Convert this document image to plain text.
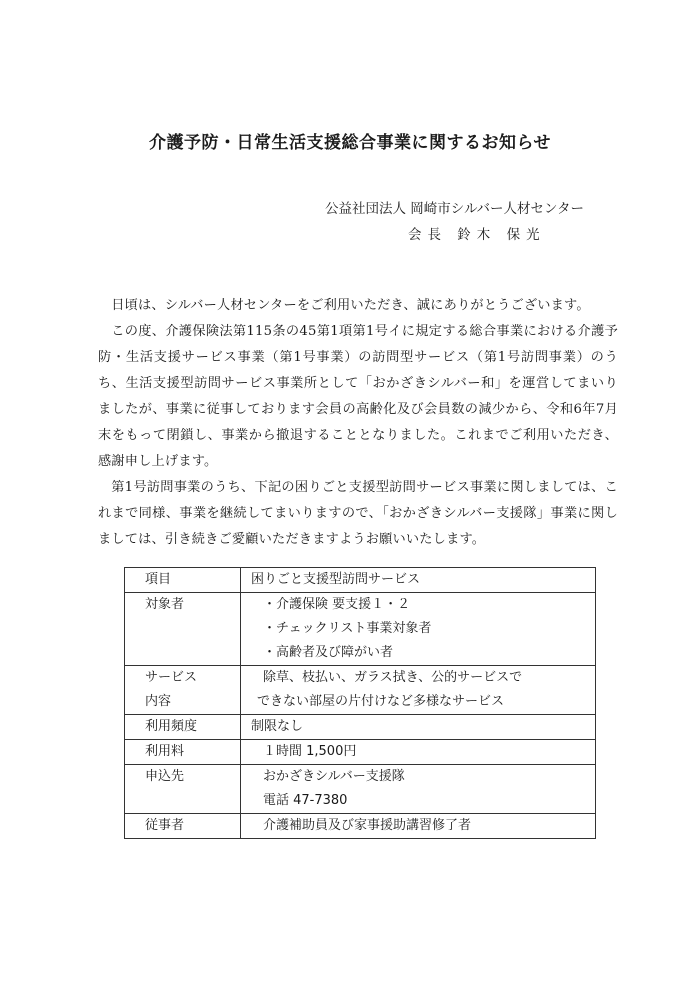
介護予防・日常生活支援総合事業に関するお知らせ
公益社団法人 岡崎市シルバー人材センター
会長 鈴木 保光

日頃は、シルバー人材センターをご利用いただき、誠にありがとうございます。

この度、介護保険法第115条の45第1項第1号イに規定する総合事業における介護予防・生活支援サービス事業（第1号事業）の訪問型サービス（第1号訪問事業）のうち、生活支援型訪問サービス事業所として「おかざきシルバー和」を運営してまいりましたが、事業に従事しております会員の高齢化及び会員数の減少から、令和6年7月末をもって閉鎖し、事業から撤退することとなりました。これまでご利用いただき、感謝申し上げます。

第1号訪問事業のうち、下記の困りごと支援型訪問サービス事業に関しましては、これまで同様、事業を継続してまいりますので、「おかざきシルバー支援隊」事業に関しましては、引き続きご愛顧いただきますようお願いいたします。

項目	困りごと支援型訪問サービス

対象者	・介護保険 要支援１・２
・チェックリスト事業対象者
・高齢者及び障がい者

サービス
内容	除草、枝払い、ガラス拭き、公的サービスで
できない部屋の片付けなど多様なサービス

利用頻度	制限なし

利用料	１時間 1,500円

申込先	おかざきシルバー支援隊
電話 47-7380

従事者	介護補助員及び家事援助講習修了者
